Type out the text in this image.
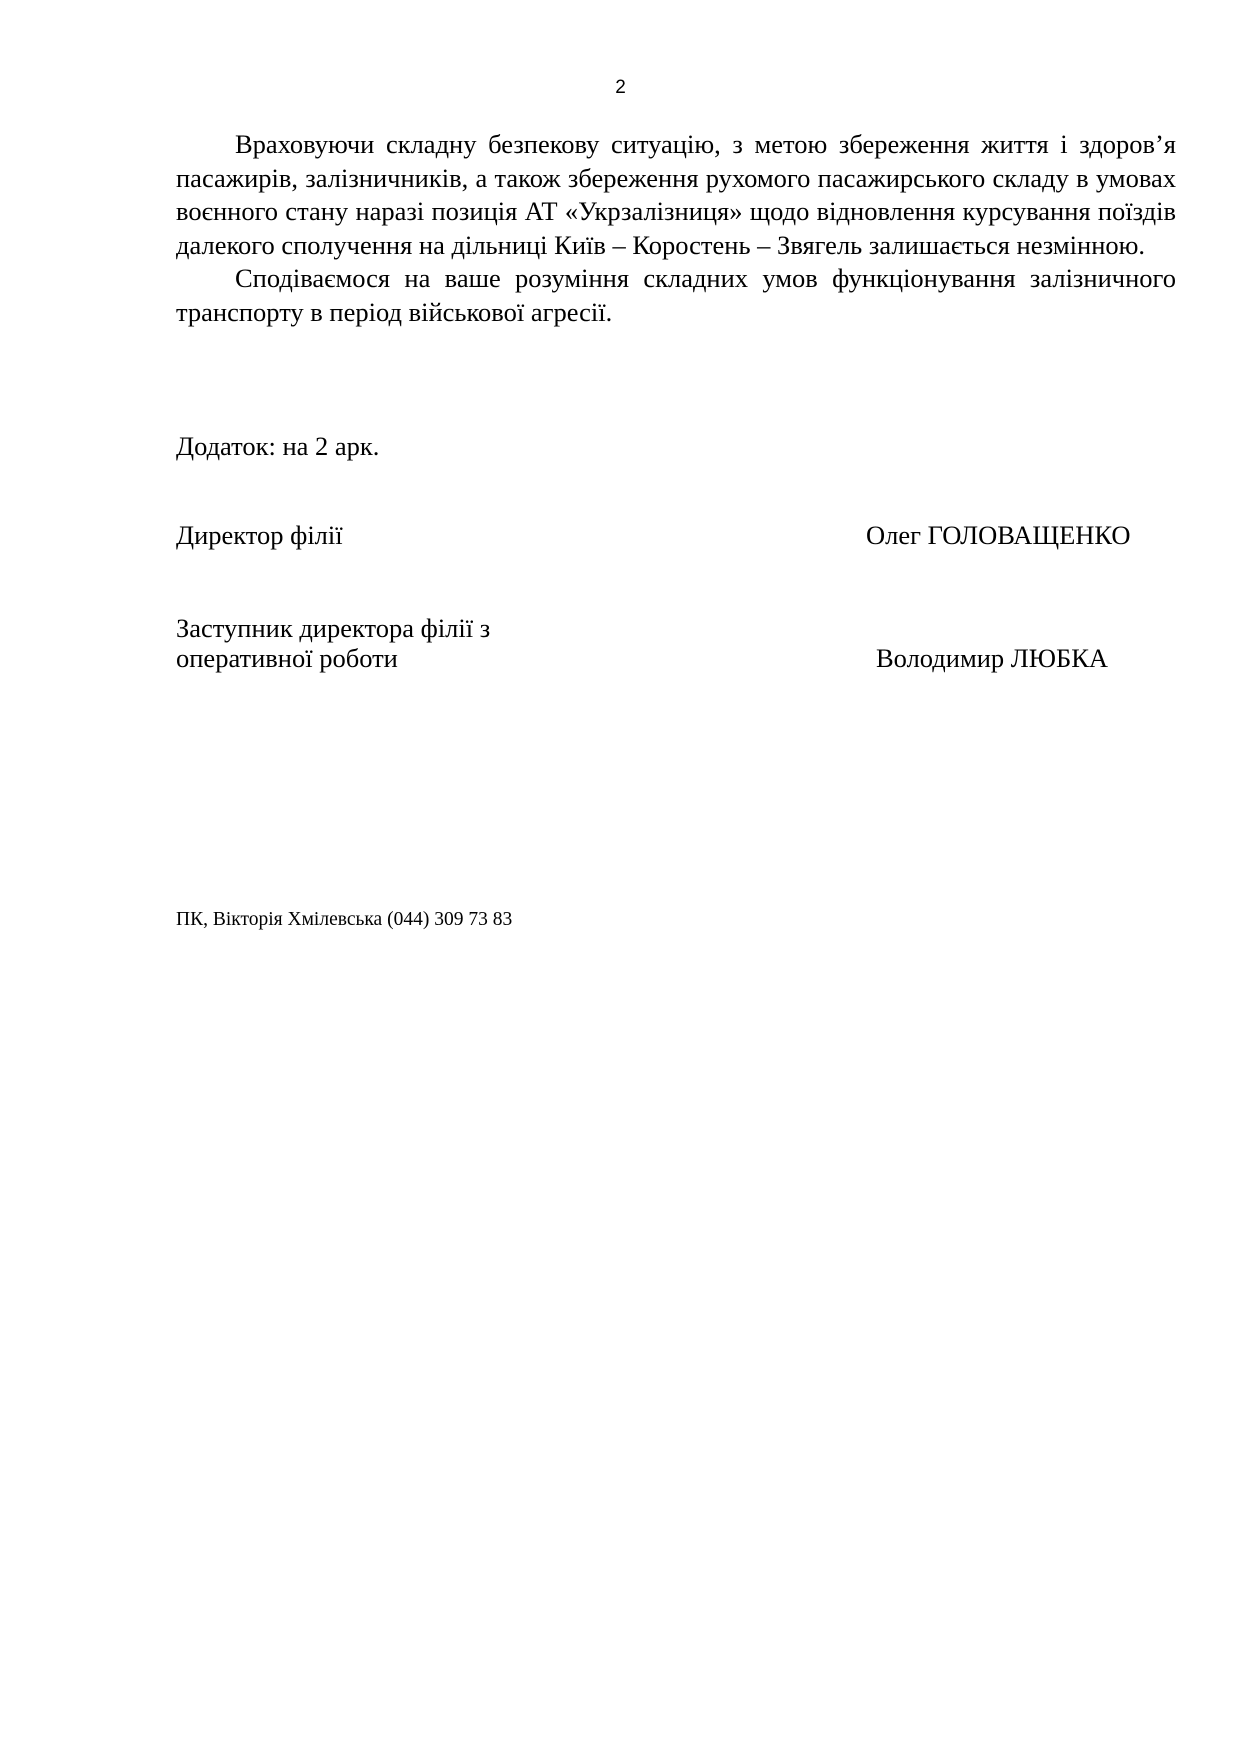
2

Враховуючи складну безпекову ситуацію, з метою збереження життя і здоров’я пасажирів, залізничників, а також збереження рухомого пасажирського складу в умовах воєнного стану наразі позиція АТ «Укрзалізниця» щодо відновлення курсування поїздів далекого сполучення на дільниці Київ – Коростень – Звягель залишається незмінною.

Сподіваємося на ваше розуміння складних умов функціонування залізничного транспорту в період військової агресії.

Додаток: на 2 арк.
Директор філії	Олег ГОЛОВАЩЕНКО
Заступник директора філії з
оперативної роботи	Володимир ЛЮБКА
ПК, Вікторія Хмілевська (044) 309 73 83
